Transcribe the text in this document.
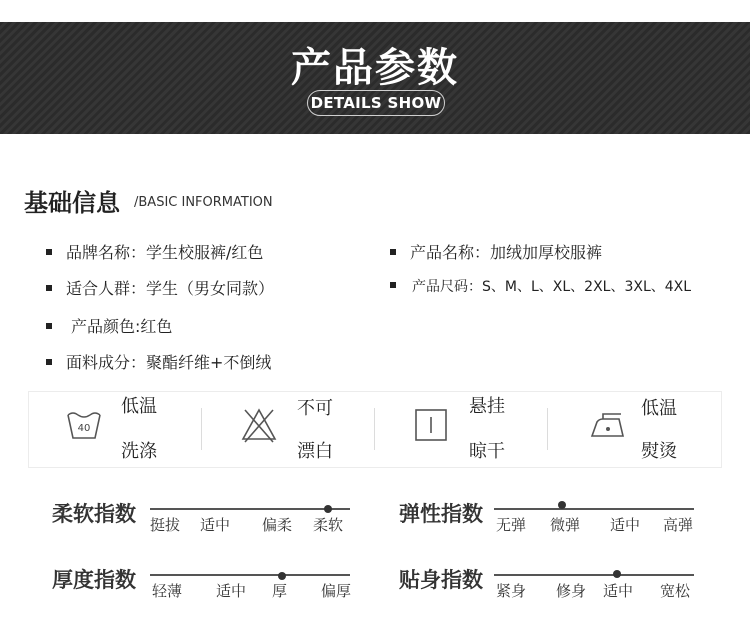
产品参数
DETAILS SHOW
基础信息 /BASIC INFORMATION
品牌名称：学生校服裤/红色	产品名称：加绒加厚校服裤
适合人群：学生（男女同款）	产品尺码：S、M、L、XL、2XL、3XL、4XL
产品颜色:红色
面料成分：聚酯纤维+不倒绒
40
低温
洗涤
不可
漂白
悬挂
晾干
低温
熨烫
柔软指数 挺拔 适中 偏柔 柔软	弹性指数 无弹 微弹 适中 高弹
厚度指数 轻薄 适中 厚 偏厚 贴身指数 紧身 修身 适中 宽松
